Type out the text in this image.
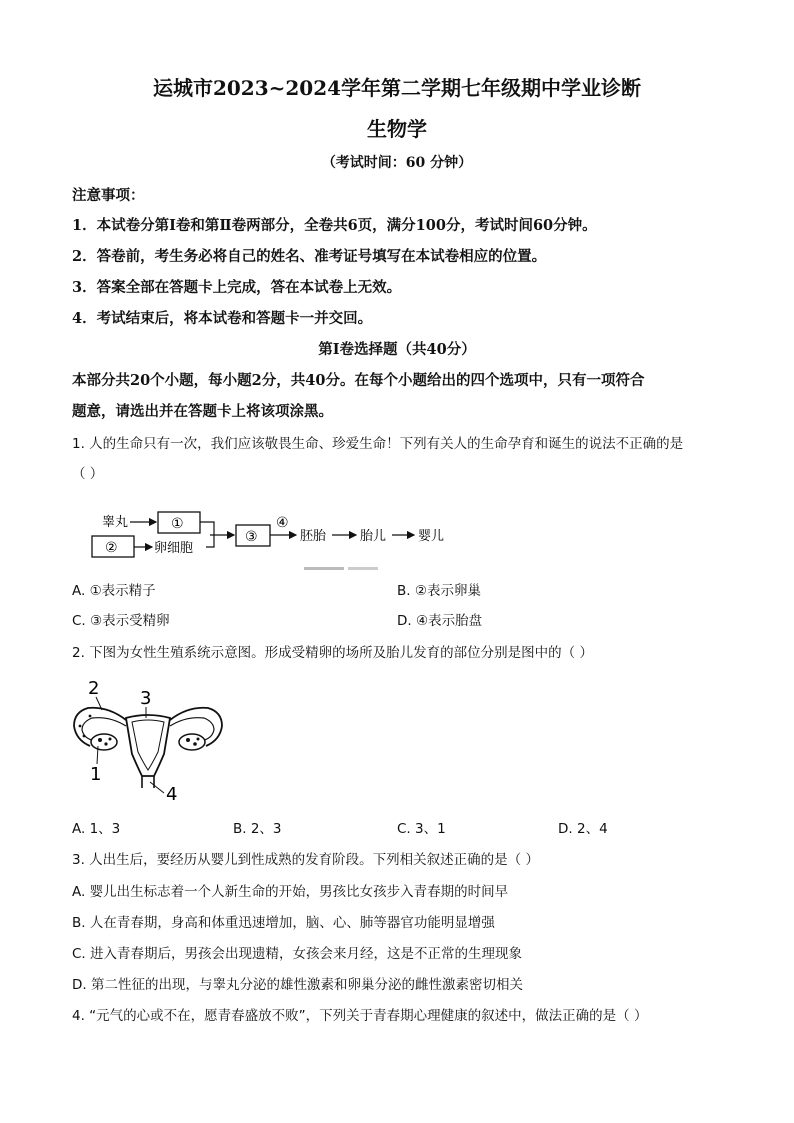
运城市2023~2024学年第二学期七年级期中学业诊断
生物学
（考试时间：60 分钟）
注意事项：
1．本试卷分第Ⅰ卷和第Ⅱ卷两部分，全卷共6页，满分100分，考试时间60分钟。
2．答卷前，考生务必将自己的姓名、准考证号填写在本试卷相应的位置。
3．答案全部在答题卡上完成，答在本试卷上无效。
4．考试结束后，将本试卷和答题卡一并交回。
第Ⅰ卷选择题（共40分）
本部分共20个小题，每小题2分，共40分。在每个小题给出的四个选项中，只有一项符合
题意，请选出并在答题卡上将该项涂黑。
1. 人的生命只有一次，我们应该敬畏生命、珍爱生命！下列有关人的生命孕育和诞生的说法不正确的是
（ ）
睾丸	①
②	卵细胞
③
④
胚胎	胎儿 婴儿
A. ①表示精子	B. ②表示卵巢
C. ③表示受精卵	D. ④表示胎盘
2. 下图为女性生殖系统示意图。形成受精卵的场所及胎儿发育的部位分别是图中的（ ）
2 3
1
4
A. 1、3	B. 2、3	C. 3、1	D. 2、4
3. 人出生后，要经历从婴儿到性成熟的发育阶段。下列相关叙述正确的是（ ）
A. 婴儿出生标志着一个人新生命的开始，男孩比女孩步入青春期的时间早
B. 人在青春期，身高和体重迅速增加，脑、心、肺等器官功能明显增强
C. 进入青春期后，男孩会出现遗精，女孩会来月经，这是不正常的生理现象
D. 第二性征的出现，与睾丸分泌的雄性激素和卵巢分泌的雌性激素密切相关
4. “元气的心或不在，愿青春盛放不败”，下列关于青春期心理健康的叙述中，做法正确的是（ ）
